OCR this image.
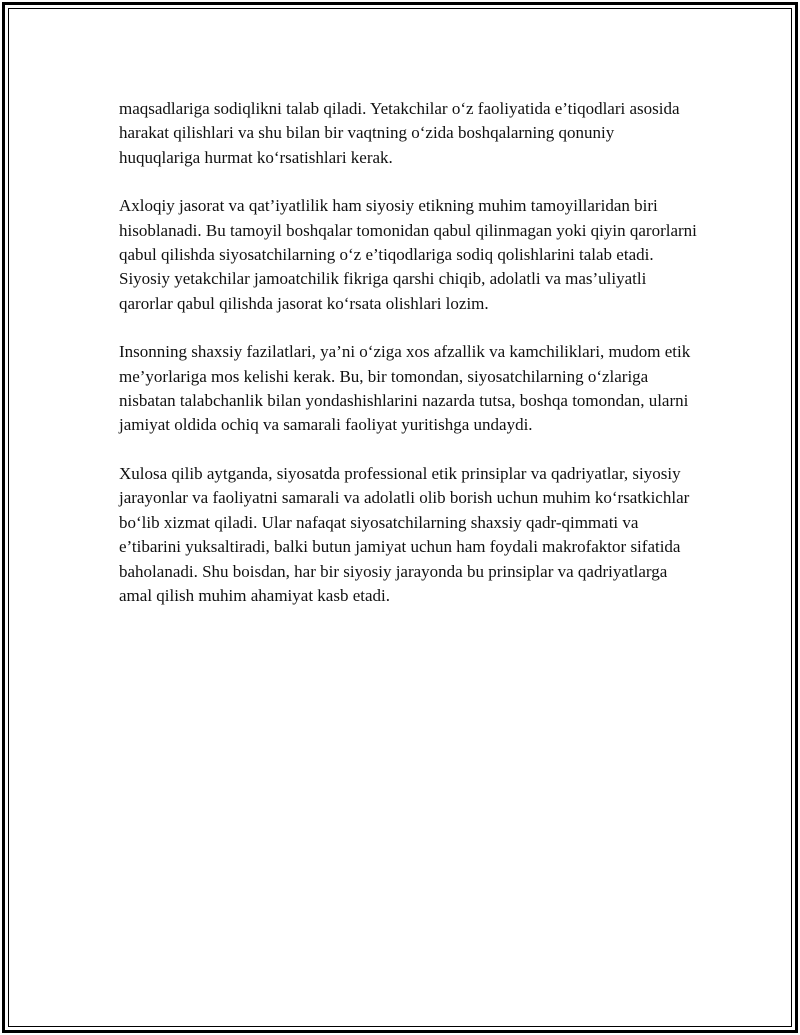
maqsadlariga sodiqlikni talab qiladi. Yetakchilar o‘z faoliyatida e’tiqodlari asosida harakat qilishlari va shu bilan bir vaqtning o‘zida boshqalarning qonuniy huquqlariga hurmat ko‘rsatishlari kerak.

Axloqiy jasorat va qat’iyatlilik ham siyosiy etikning muhim tamoyillaridan biri hisoblanadi. Bu tamoyil boshqalar tomonidan qabul qilinmagan yoki qiyin qarorlarni qabul qilishda siyosatchilarning o‘z e’tiqodlariga sodiq qolishlarini talab etadi. Siyosiy yetakchilar jamoatchilik fikriga qarshi chiqib, adolatli va mas’uliyatli qarorlar qabul qilishda jasorat ko‘rsata olishlari lozim.

Insonning shaxsiy fazilatlari, ya’ni o‘ziga xos afzallik va kamchiliklari, mudom etik me’yorlariga mos kelishi kerak. Bu, bir tomondan, siyosatchilarning o‘zlariga nisbatan talabchanlik bilan yondashishlarini nazarda tutsa, boshqa tomondan, ularni jamiyat oldida ochiq va samarali faoliyat yuritishga undaydi.

Xulosa qilib aytganda, siyosatda professional etik prinsiplar va qadriyatlar, siyosiy jarayonlar va faoliyatni samarali va adolatli olib borish uchun muhim ko‘rsatkichlar bo‘lib xizmat qiladi. Ular nafaqat siyosatchilarning shaxsiy qadr-qimmati va e’tibarini yuksaltiradi, balki butun jamiyat uchun ham foydali makrofaktor sifatida baholanadi. Shu boisdan, har bir siyosiy jarayonda bu prinsiplar va qadriyatlarga amal qilish muhim ahamiyat kasb etadi.
